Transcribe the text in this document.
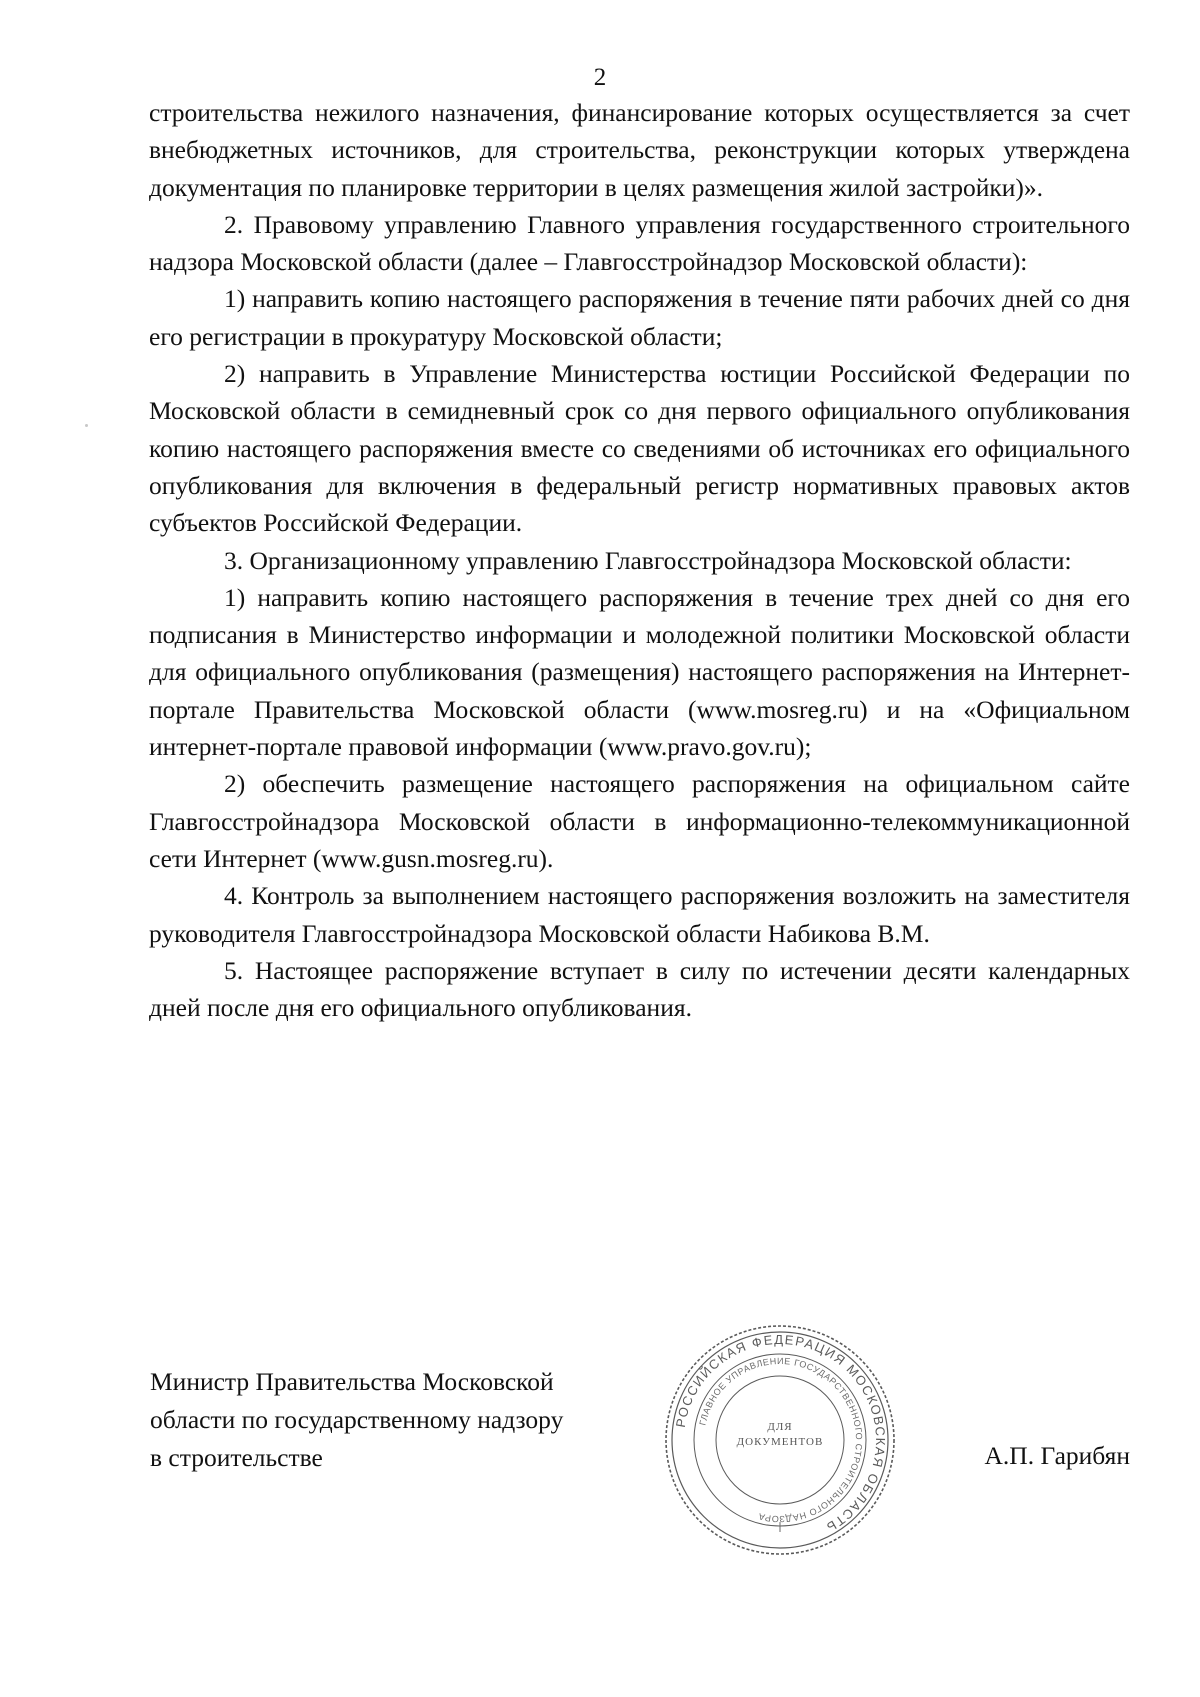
2

строительства нежилого назначения, финансирование которых осуществляется за счет внебюджетных источников, для строительства, реконструкции которых утверждена документация по планировке территории в целях размещения жилой застройки)».

2. Правовому управлению Главного управления государственного строительного надзора Московской области (далее – Главгосстройнадзор Московской области):

1) направить копию настоящего распоряжения в течение пяти рабочих дней со дня его регистрации в прокуратуру Московской области;

2) направить в Управление Министерства юстиции Российской Федерации по Московской области в семидневный срок со дня первого официального опубликования копию настоящего распоряжения вместе со сведениями об источниках его официального опубликования для включения в федеральный регистр нормативных правовых актов субъектов Российской Федерации.

3. Организационному управлению Главгосстройнадзора Московской области:

1) направить копию настоящего распоряжения в течение трех дней со дня его подписания в Министерство информации и молодежной политики Московской области для официального опубликования (размещения) настоящего распоряжения на Интернет-портале Правительства Московской области (www.mosreg.ru) и на «Официальном интернет-портале правовой информации (www.pravo.gov.ru);

2) обеспечить размещение настоящего распоряжения на официальном сайте Главгосстройнадзора Московской области в информационно-телекоммуникационной сети Интернет (www.gusn.mosreg.ru).

4. Контроль за выполнением настоящего распоряжения возложить на заместителя руководителя Главгосстройнадзора Московской области Набикова В.М.

5. Настоящее распоряжение вступает в силу по истечении десяти календарных дней после дня его официального опубликования.

Министр Правительства Московской
области по государственному надзору
в строительстве	А.П. Гарибян
РОССИЙСКАЯ ФЕДЕРАЦИЯ МОСКОВСКАЯ ОБЛАСТЬ
ГЛАВНОЕ УПРАВЛЕНИЕ ГОСУДАРСТВЕННОГО СТРОИТЕЛЬНОГО НАДЗОРА
ДЛЯ
ДОКУМЕНТОВ
